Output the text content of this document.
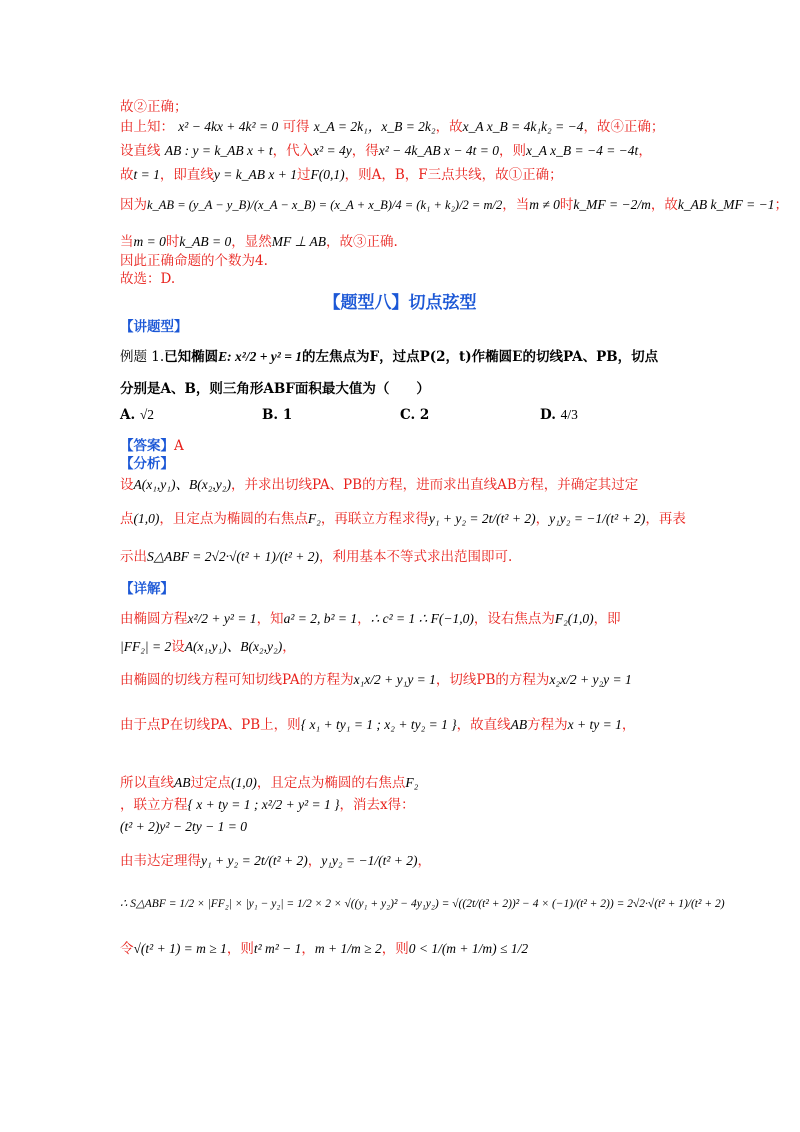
故②正确；
由上知： x² − 4kx + 4k² = 0 可得 x_A = 2k₁，x_B = 2k₂，故x_A x_B = 4k₁k₂ = −4，故④正确；
设直线 AB : y = k_AB x + t，代入x² = 4y，得x² − 4k_AB x − 4t = 0，则x_A x_B = −4 = −4t，
故t = 1，即直线y = k_AB x + 1过F(0,1)，则A，B，F三点共线，故①正确；
因为k_AB = (y_A − y_B)/(x_A − x_B) = (x_A + x_B)/4 = (k₁ + k₂)/2 = m/2，当m ≠ 0时k_MF = −2/m，故k_AB k_MF = −1；
当m = 0时k_AB = 0，显然MF ⊥ AB，故③正确.
因此正确命题的个数为4.
故选：D.
【题型八】切点弦型
【讲题型】
例题 1.已知椭圆E: x²/2 + y² = 1的左焦点为F，过点P(2，t)作椭圆E的切线PA、PB，切点
分别是A、B，则三角形ABF面积最大值为（　　）
A. √2	B. 1	C. 2	D. 4/3
【答案】A
【分析】
设A(x₁,y₁)、B(x₂,y₂)，并求出切线PA、PB的方程，进而求出直线AB方程，并确定其过定
点(1,0)，且定点为椭圆的右焦点F₂，再联立方程求得y₁ + y₂ = 2t/(t² + 2)，y₁y₂ = −1/(t² + 2)，再表
示出S△ABF = 2√2·√(t² + 1)/(t² + 2)，利用基本不等式求出范围即可.
【详解】
由椭圆方程x²/2 + y² = 1，知a² = 2, b² = 1，∴ c² = 1 ∴ F(−1,0)，设右焦点为F₂(1,0)，即
|FF₂| = 2设A(x₁,y₁)、B(x₂,y₂)，
由椭圆的切线方程可知切线PA的方程为x₁x/2 + y₁y = 1，切线PB的方程为x₂x/2 + y₂y = 1
由于点P在切线PA、PB上，则{ x₁ + ty₁ = 1 ; x₂ + ty₂ = 1 }，故直线AB方程为x + ty = 1，
所以直线AB过定点(1,0)，且定点为椭圆的右焦点F₂
，联立方程{ x + ty = 1 ; x²/2 + y² = 1 }，消去x得：
(t² + 2)y² − 2ty − 1 = 0
由韦达定理得y₁ + y₂ = 2t/(t² + 2)，y₁y₂ = −1/(t² + 2)，
∴ S△ABF = 1/2 × |FF₂| × |y₁ − y₂| = 1/2 × 2 × √((y₁ + y₂)² − 4y₁y₂) = √((2t/(t² + 2))² − 4 × (−1)/(t² + 2)) = 2√2·√(t² + 1)/(t² + 2)
令√(t² + 1) = m ≥ 1，则t² m² − 1，m + 1/m ≥ 2，则0 < 1/(m + 1/m) ≤ 1/2
